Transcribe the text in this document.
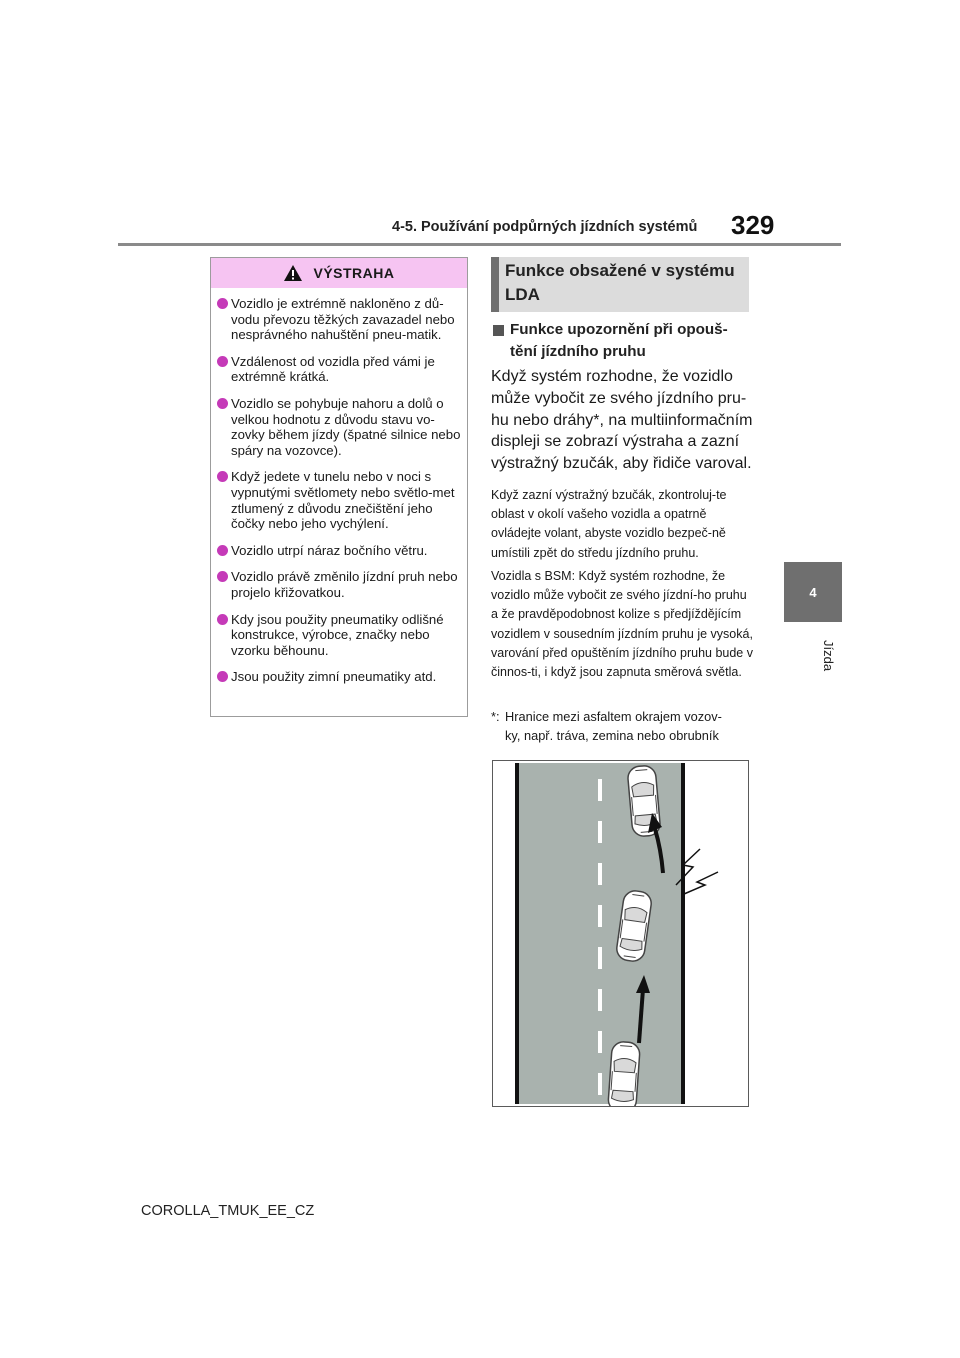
4-5. Používání podpůrných jízdních systémů 329
4
Jízda
VÝSTRAHA
Vozidlo je extrémně nakloněno z dů-vodu převozu těžkých zavazadel nebo nesprávného nahuštění pneu-matik.
Vzdálenost od vozidla před vámi je extrémně krátká.
Vozidlo se pohybuje nahoru a dolů o velkou hodnotu z důvodu stavu vo-zovky během jízdy (špatné silnice nebo spáry na vozovce).
Když jedete v tunelu nebo v noci s vypnutými světlomety nebo světlo-met ztlumený z důvodu znečištění jeho čočky nebo jeho vychýlení.
Vozidlo utrpí náraz bočního větru.
Vozidlo právě změnilo jízdní pruh nebo projelo křižovatkou.
Kdy jsou použity pneumatiky odlišné konstrukce, výrobce, značky nebo vzorku běhounu.
Jsou použity zimní pneumatiky atd.
Funkce obsažené v systému LDA
Funkce upozornění při opouš-tění jízdního pruhu
Když systém rozhodne, že vozidlo může vybočit ze svého jízdního pru-hu nebo dráhy*, na multiinformačním displeji se zobrazí výstraha a zazní výstražný bzučák, aby řidiče varoval.
Když zazní výstražný bzučák, zkontroluj-te oblast v okolí vašeho vozidla a opatrně ovládejte volant, abyste vozidlo bezpeč-ně umístili zpět do středu jízdního pruhu.
Vozidla s BSM: Když systém rozhodne, že vozidlo může vybočit ze svého jízdní-ho pruhu a že pravděpodobnost kolize s předjíždějícím vozidlem v sousedním jízdním pruhu je vysoká, varování před opuštěním jízdního pruhu bude v činnos-ti, i když jsou zapnuta směrová světla.
*: Hranice mezi asfaltem okrajem vozov-
ky, např. tráva, zemina nebo obrubník
COROLLA_TMUK_EE_CZ
